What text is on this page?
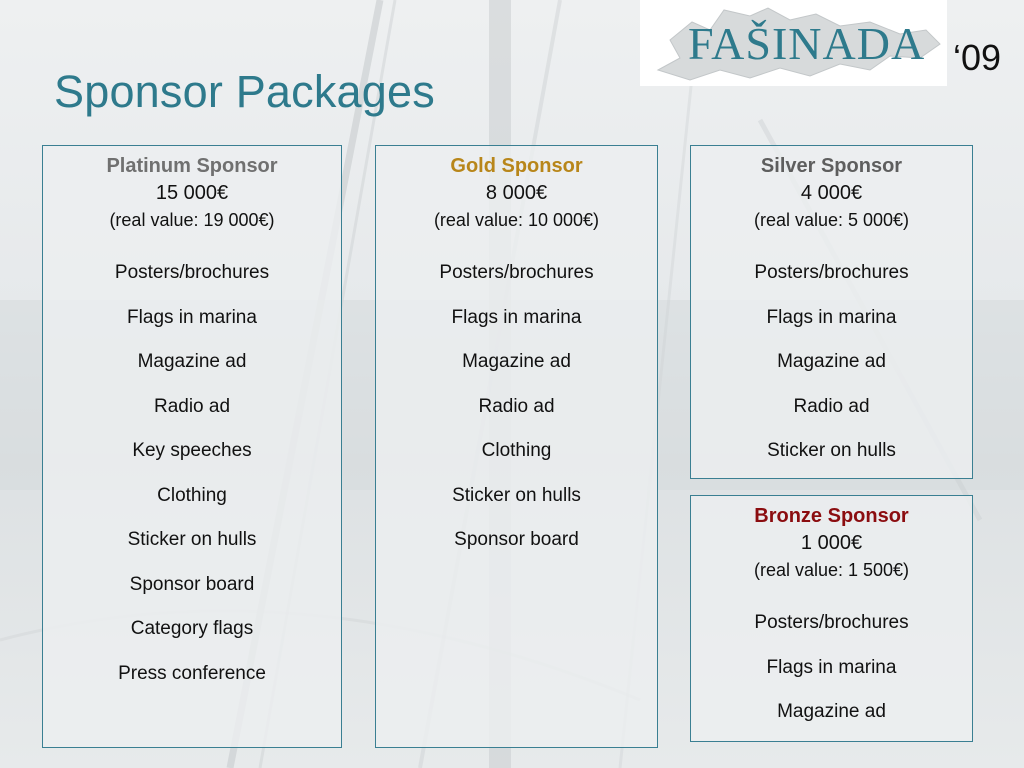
Sponsor Packages
FAŠINADA ‘09
Platinum Sponsor
15 000€
(real value: 19 000€)
Posters/brochures
Flags in marina
Magazine ad
Radio ad
Key speeches
Clothing
Sticker on hulls
Sponsor board
Category flags
Press conference
Gold Sponsor
8 000€
(real value: 10 000€)
Posters/brochures
Flags in marina
Magazine ad
Radio ad
Clothing
Sticker on hulls
Sponsor board
Silver Sponsor
4 000€
(real value: 5 000€)
Posters/brochures
Flags in marina
Magazine ad
Radio ad
Sticker on hulls
Bronze Sponsor
1 000€
(real value: 1 500€)
Posters/brochures
Flags in marina
Magazine ad
